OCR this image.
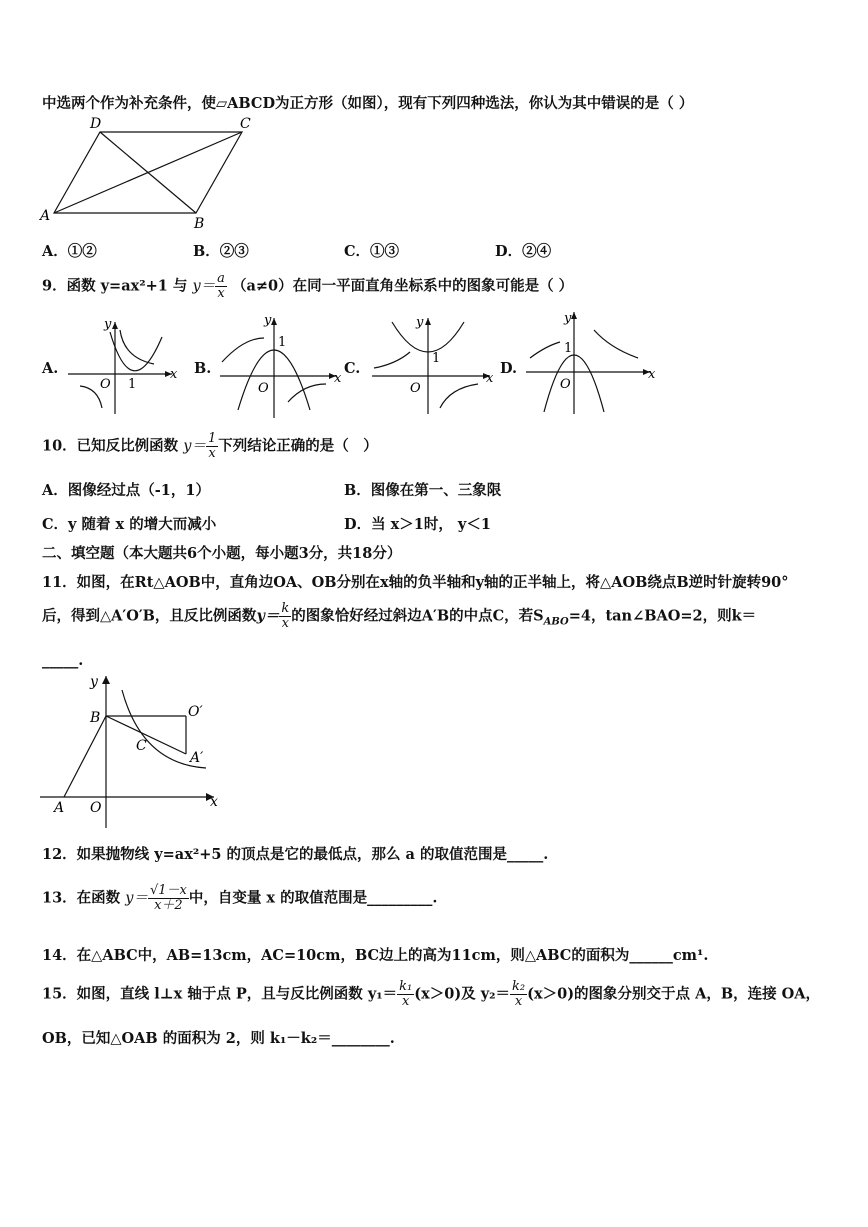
中选两个作为补充条件，使▱ABCD为正方形（如图），现有下列四种选法，你认为其中错误的是（ ）
D	C
A	B
A．①②	B．②③	C．①③	D．②④
9．函数 y=ax²+1 与 $y= \frac{a}{x} (a\ne 0)$在同一平面直角坐标系中的图象可能是（ ）
A.
y
x
O 1
B.
y
x
O
1
C.
y
x
O
1
D.
y
x
O
1
10．已知反比例函数 $y= \frac{1}{x}$ 下列结论正确的是（　）
A．图像经过点（-1，1）	B．图像在第一、三象限
C．y 随着 x 的增大而减小	D．当 x＞1时， y＜1
二、填空题（本大题共6个小题，每小题3分，共18分）
11．如图，在Rt△AOB中，直角边OA、OB分别在x轴的负半轴和y轴的正半轴上，将△AOB绕点B逆时针旋转90°
后，得到△A′O′B，且反比例函数$y= \frac{k}{x}$ 的图象恰好经过斜边A′B的中点C，若$S_{ABO}=4$，tan∠BAO=2，则k＝
_____.
y
x
B	O′
C
A′
A O
12．如果抛物线 y=ax²+5 的顶点是它的最低点，那么 a 的取值范围是_____.
13．在函数 $y= \frac{√1-x}{x+2}$ 中，自变量 x 的取值范围是_________.
14．在△ABC中，AB=13cm，AC=10cm，BC边上的高为11cm，则△ABC的面积为______cm¹.
15．如图，直线 l⊥x 轴于点 P，且与反比例函数 $y_1= \frac{\text{k₁}}{x} (x>0)$及 $y_2= \frac{\text{k₂}}{x} (x>0)$的图象分别交于点 A，B，连接 OA，
OB，已知△OAB 的面积为 2，则 k₁－k₂＝________.
